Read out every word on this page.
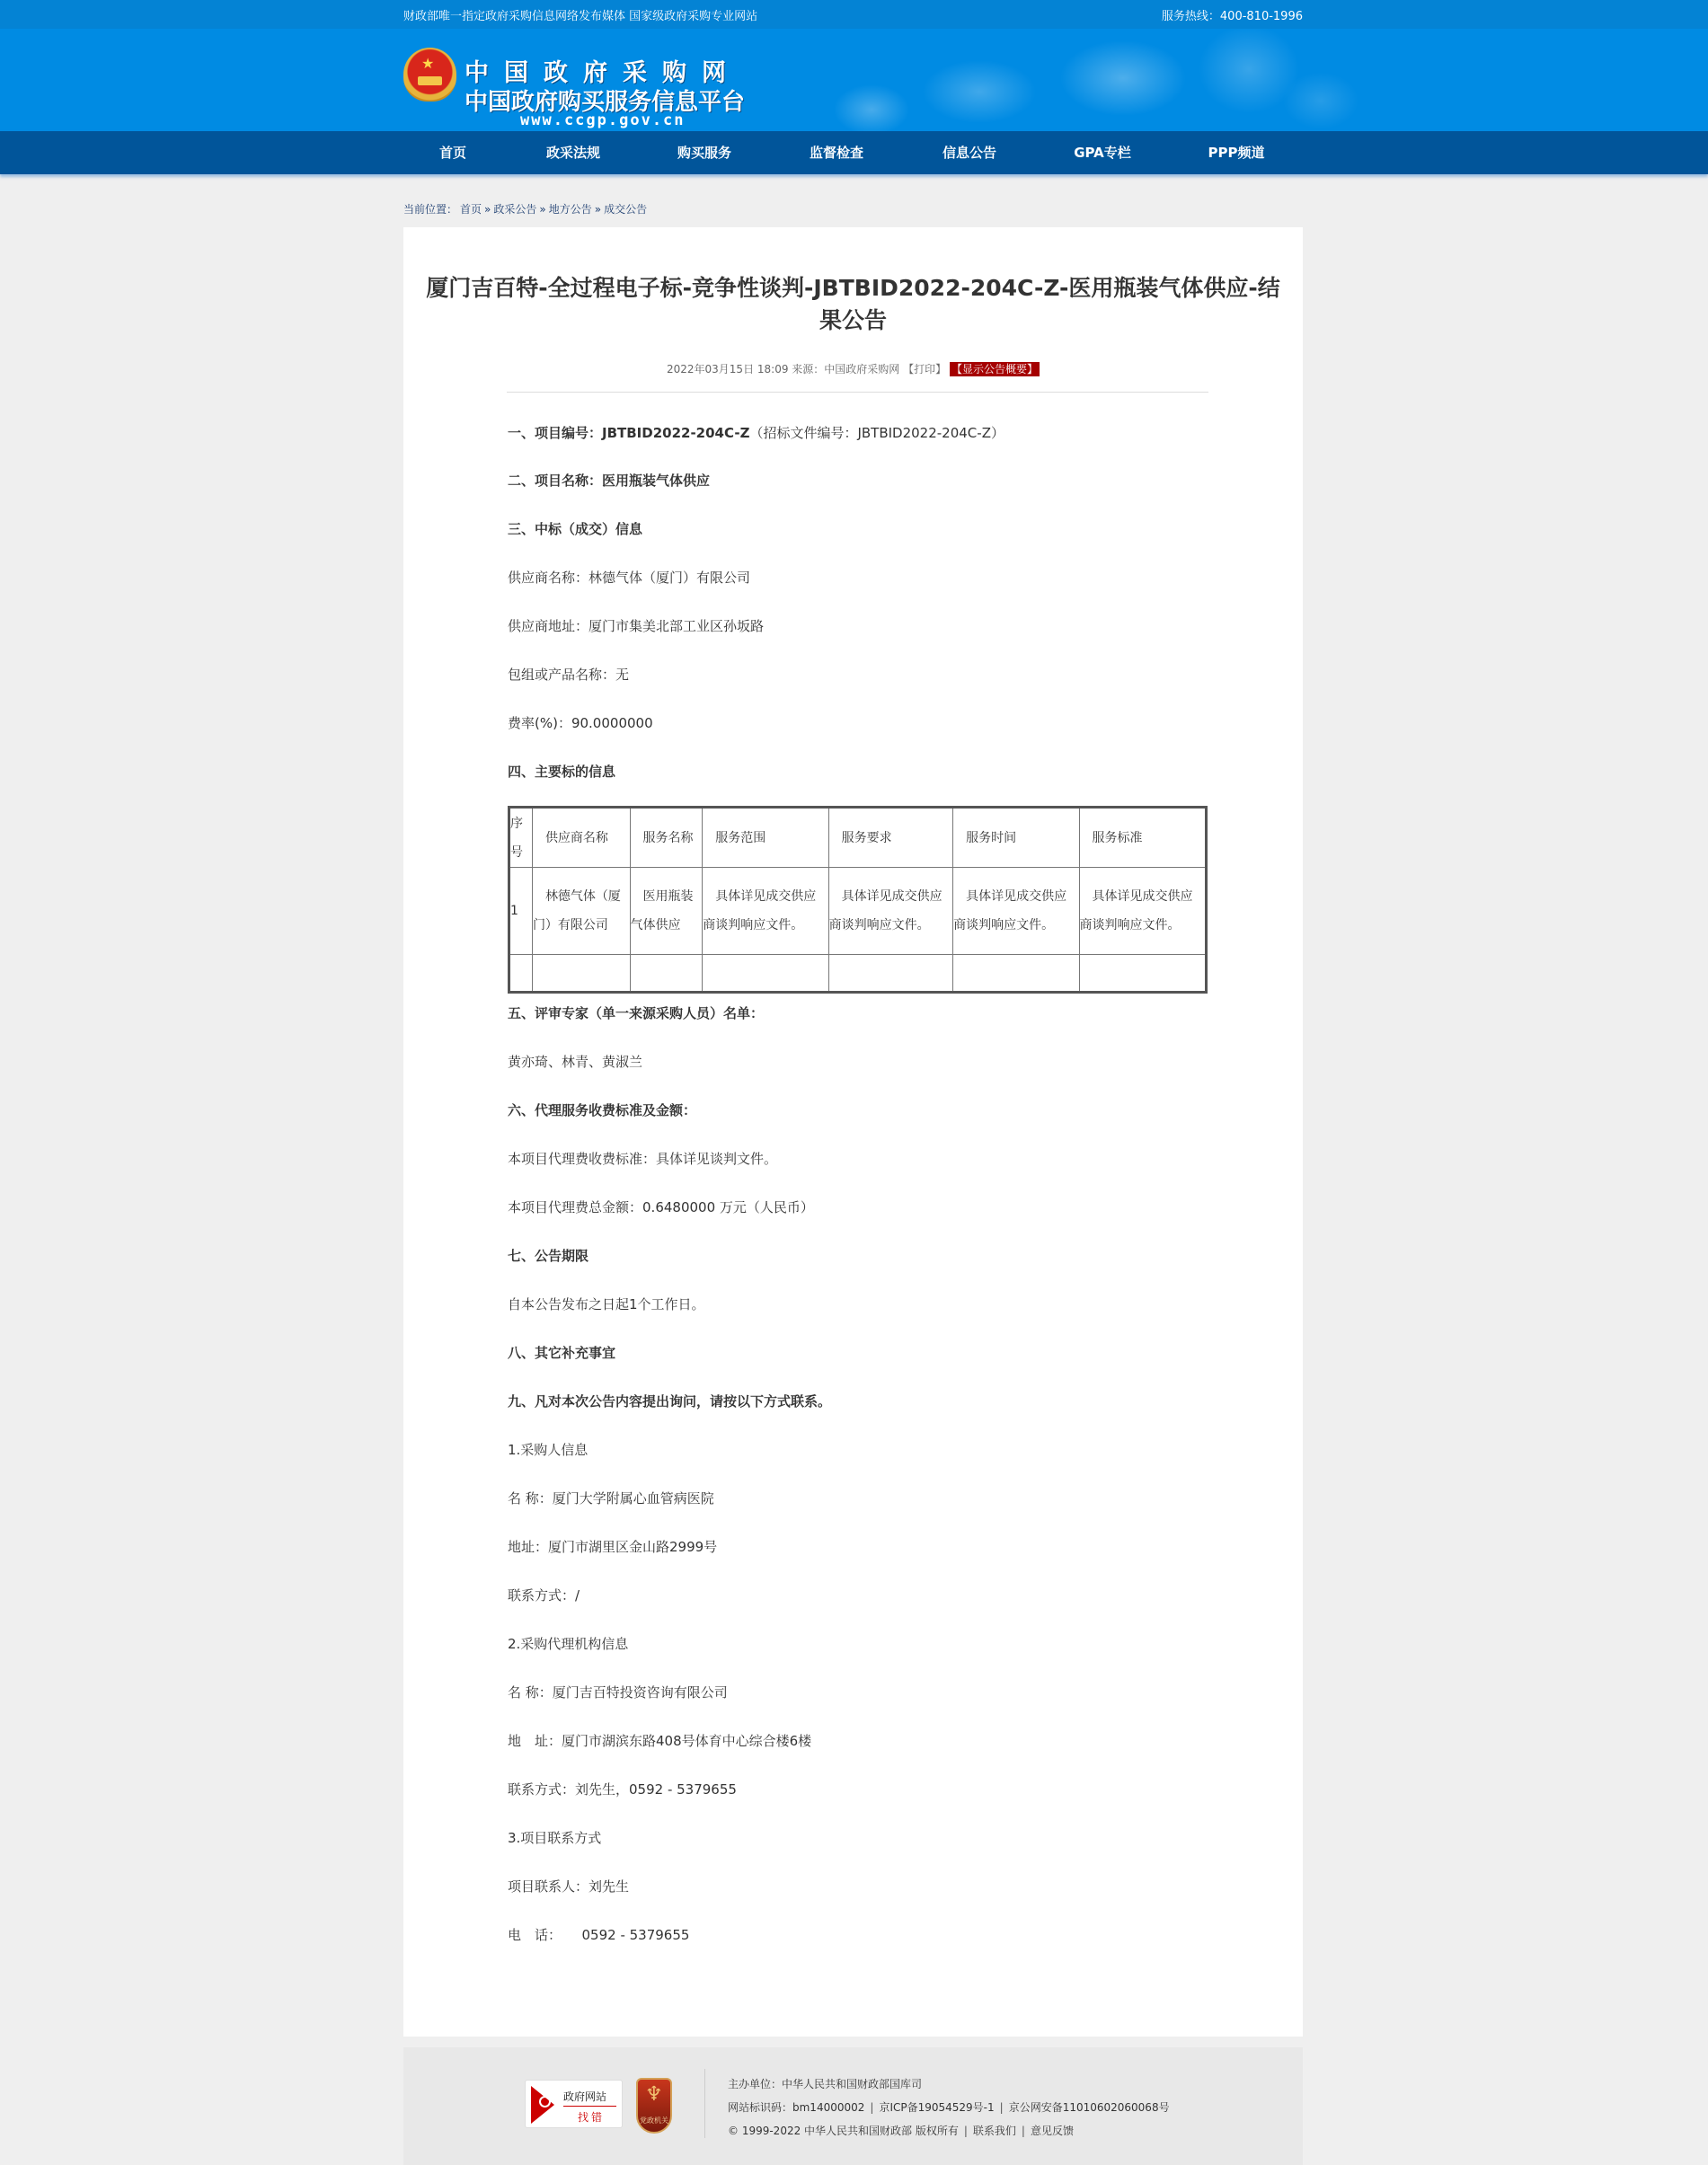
财政部唯一指定政府采购信息网络发布媒体 国家级政府采购专业网站	服务热线：400-810-1996
★ 中国政府采购网
中国政府购买服务信息平台
www.ccgp.gov.cn
首页	政采法规	购买服务	监督检查	信息公告	GPA专栏	PPP频道
当前位置： 首页 » 政采公告 » 地方公告 » 成交公告
厦门吉百特-全过程电子标-竞争性谈判-JBTBID2022-204C-Z-医用瓶装气体供应-结果公告
2022年03月15日 18:09 来源：中国政府采购网 【打印】 【显示公告概要】
一、项目编号：JBTBID2022-204C-Z（招标文件编号：JBTBID2022-204C-Z）
二、项目名称：医用瓶装气体供应
三、中标（成交）信息
供应商名称：林德气体（厦门）有限公司
供应商地址：厦门市集美北部工业区孙坂路
包组或产品名称：无
费率(%)：90.0000000
四、主要标的信息
序号	供应商名称	服务名称	服务范围	服务要求	服务时间	服务标准
1	林德气体（厦门）有限公司	医用瓶装气体供应	具体详见成交供应商谈判响应文件。	具体详见成交供应商谈判响应文件。	具体详见成交供应商谈判响应文件。	具体详见成交供应商谈判响应文件。

五、评审专家（单一来源采购人员）名单：
黄亦琦、林青、黄淑兰
六、代理服务收费标准及金额：
本项目代理费收费标准：具体详见谈判文件。
本项目代理费总金额：0.6480000 万元（人民币）
七、公告期限
自本公告发布之日起1个工作日。
八、其它补充事宜
九、凡对本次公告内容提出询问，请按以下方式联系。
1.采购人信息
名 称：厦门大学附属心血管病医院
地址：厦门市湖里区金山路2999号
联系方式：/
2.采购代理机构信息
名 称：厦门吉百特投资咨询有限公司
地　址：厦门市湖滨东路408号体育中心综合楼6楼
联系方式：刘先生，0592 - 5379655
3.项目联系方式
项目联系人：刘先生
电　话：　　0592 - 5379655
政府网站
找错
♆
党政机关
主办单位：中华人民共和国财政部国库司
网站标识码：bm14000002 | 京ICP备19054529号-1 | 京公网安备11010602060068号
© 1999-2022 中华人民共和国财政部 版权所有 | 联系我们 | 意见反馈
